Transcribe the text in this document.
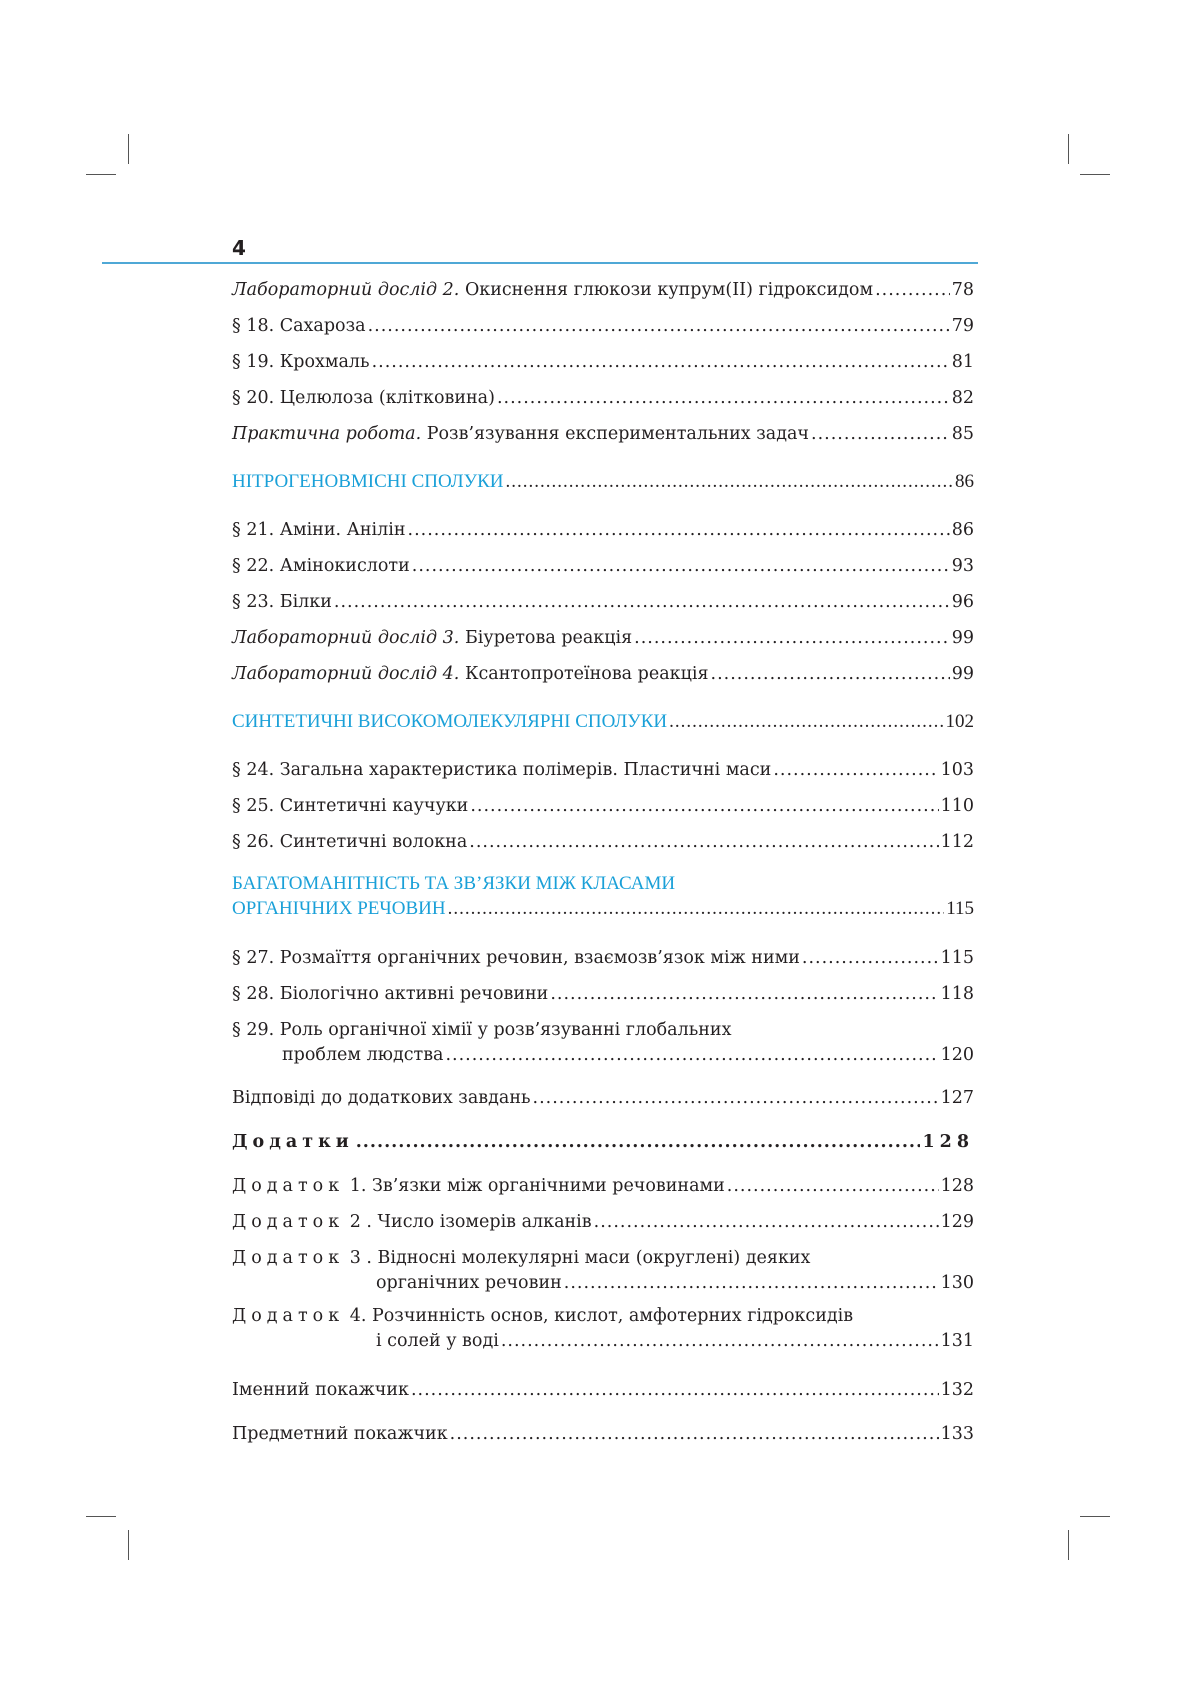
4
Лабораторний дослід 2. Окиснення глюкози купрум(II) гідроксидом .....	78
§ 18. Сахароза .....	79
§ 19. Крохмаль .....	81
§ 20. Целюлоза (клітковина) .....	82
Практична робота. Розв’язування експериментальних задач .....	85
НІТРОГЕНОВМІСНІ СПОЛУКИ .....	86
§ 21. Аміни. Анілін .....	86
§ 22. Амінокислоти .....	93
§ 23. Білки .....	96
Лабораторний дослід 3. Біуретова реакція .....	99
Лабораторний дослід 4. Ксантопротеїнова реакція .....	99
СИНТЕТИЧНІ ВИСОКОМОЛЕКУЛЯРНІ СПОЛУКИ .....	102
§ 24. Загальна характеристика полімерів. Пластичні маси .....	103
§ 25. Синтетичні каучуки .....	110
§ 26. Синтетичні волокна .....	112
БАГАТОМАНІТНІСТЬ ТА ЗВ’ЯЗКИ МІЖ КЛАСАМИ
ОРГАНІЧНИХ РЕЧОВИН .....	115
§ 27. Розмаїття органічних речовин, взаємозв’язок між ними .....	115
§ 28. Біологічно активні речовини .....	118
§ 29. Роль органічної хімії у розв’язуванні глобальних
проблем людства .....	120
Відповіді до додаткових завдань .....	127
Додатки .....	128
Додаток 1. Зв’язки між органічними речовинами .....	128
Додаток 2 . Число ізомерів алканів .....	129
Додаток 3 . Відносні молекулярні маси (округлені) деяких
органічних речовин .....	130
Додаток 4. Розчинність основ, кислот, амфотерних гідроксидів
і солей у воді .....	131
Іменний покажчик .....	132
Предметний покажчик .....	133
